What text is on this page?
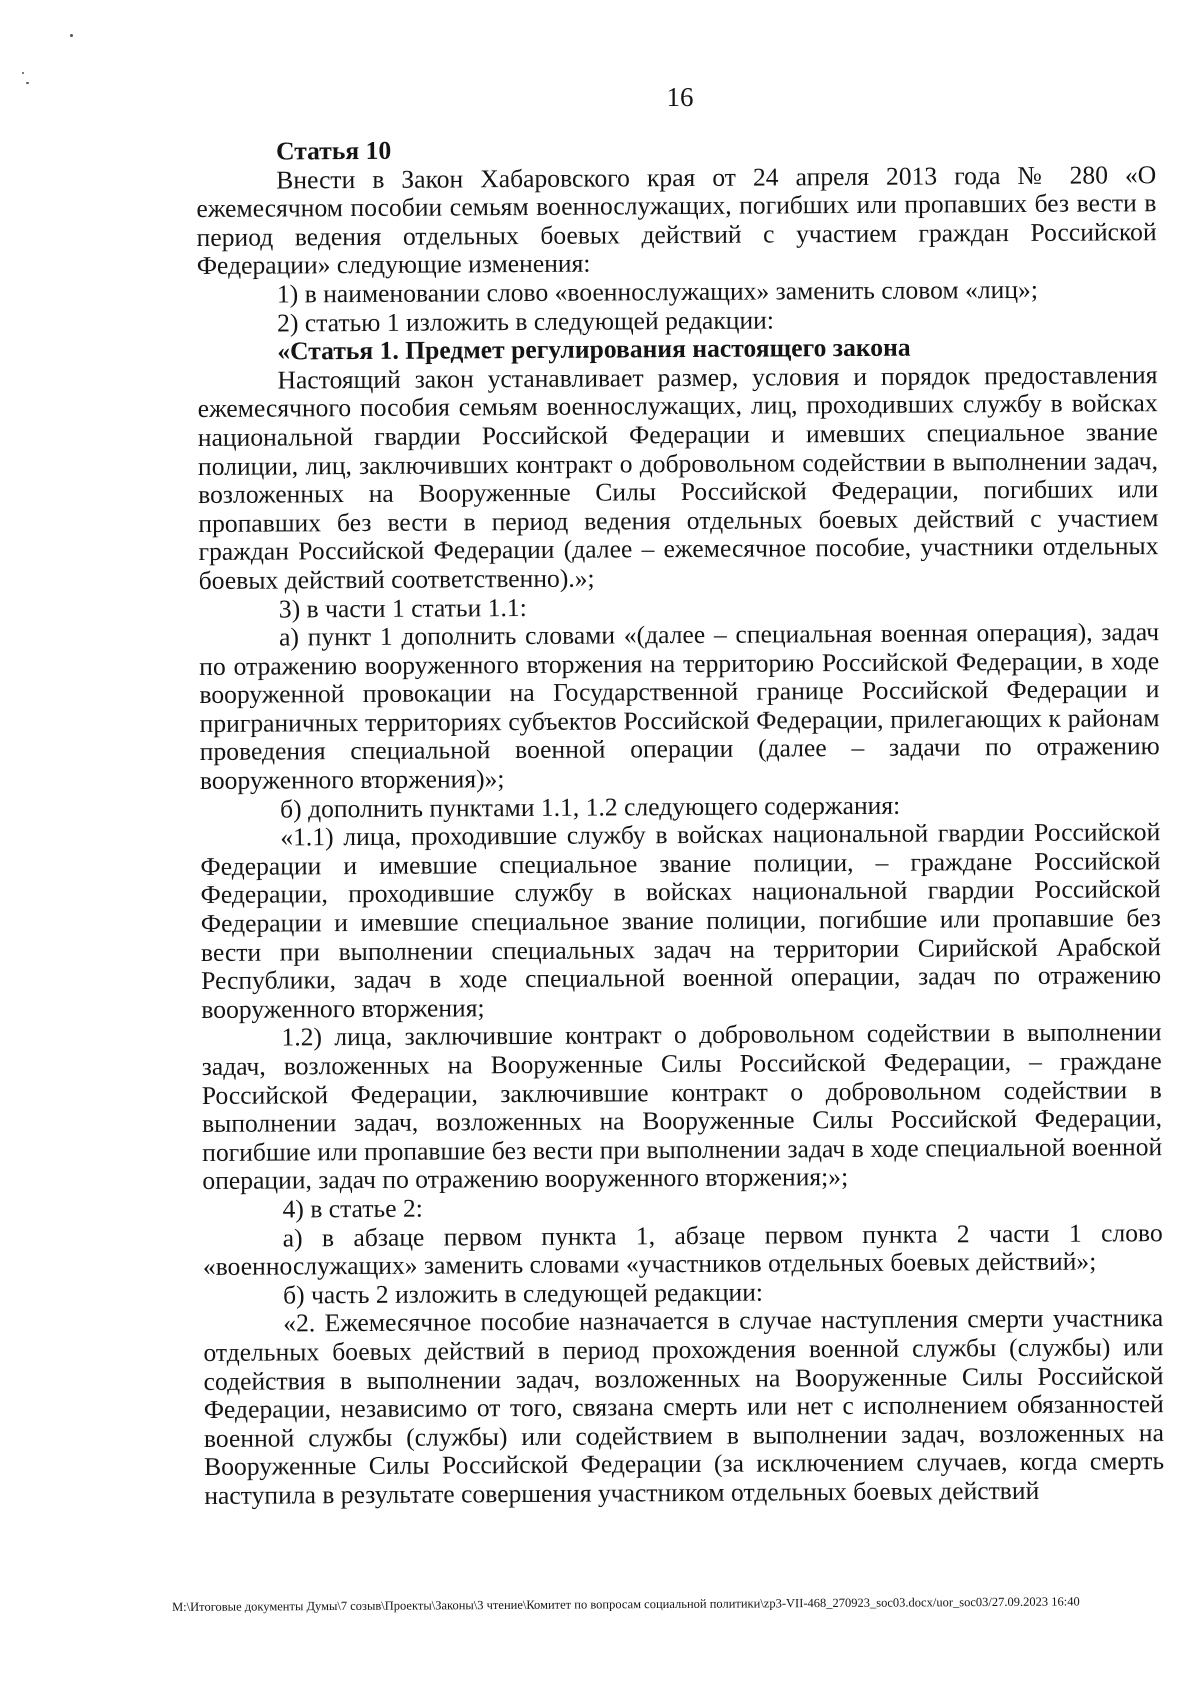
16

Статья 10

Внести в Закон Хабаровского края от 24 апреля 2013 года № 280 «О ежемесячном пособии семьям военнослужащих, погибших или пропавших без вести в период ведения отдельных боевых действий с участием граждан Российской Федерации» следующие изменения:

1) в наименовании слово «военнослужащих» заменить словом «лиц»;

2) статью 1 изложить в следующей редакции:

«Статья 1. Предмет регулирования настоящего закона

Настоящий закон устанавливает размер, условия и порядок предоставления ежемесячного пособия семьям военнослужащих, лиц, проходивших службу в войсках национальной гвардии Российской Федерации и имевших специальное звание полиции, лиц, заключивших контракт о добровольном содействии в выполнении задач, возложенных на Вооруженные Силы Российской Федерации, погибших или пропавших без вести в период ведения отдельных боевых действий с участием граждан Российской Федерации (далее – ежемесячное пособие, участники отдельных боевых действий соответственно).»;

3) в части 1 статьи 1.1:

а) пункт 1 дополнить словами «(далее – специальная военная операция), задач по отражению вооруженного вторжения на территорию Российской Федерации, в ходе вооруженной провокации на Государственной границе Российской Федерации и приграничных территориях субъектов Российской Федерации, прилегающих к районам проведения специальной военной операции (далее – задачи по отражению вооруженного вторжения)»;

б) дополнить пунктами 1.1, 1.2 следующего содержания:

«1.1) лица, проходившие службу в войсках национальной гвардии Российской Федерации и имевшие специальное звание полиции, – граждане Российской Федерации, проходившие службу в войсках национальной гвардии Российской Федерации и имевшие специальное звание полиции, погибшие или пропавшие без вести при выполнении специальных задач на территории Сирийской Арабской Республики, задач в ходе специальной военной операции, задач по отражению вооруженного вторжения;

1.2) лица, заключившие контракт о добровольном содействии в выполнении задач, возложенных на Вооруженные Силы Российской Федерации, – граждане Российской Федерации, заключившие контракт о добровольном содействии в выполнении задач, возложенных на Вооруженные Силы Российской Федерации, погибшие или пропавшие без вести при выполнении задач в ходе специальной военной операции, задач по отражению вооруженного вторжения;»;

4) в статье 2:

а) в абзаце первом пункта 1, абзаце первом пункта 2 части 1 слово «военнослужащих» заменить словами «участников отдельных боевых действий»;

б) часть 2 изложить в следующей редакции:

«2. Ежемесячное пособие назначается в случае наступления смерти участника отдельных боевых действий в период прохождения военной службы (службы) или содействия в выполнении задач, возложенных на Вооруженные Силы Российской Федерации, независимо от того, связана смерть или нет с исполнением обязанностей военной службы (службы) или содействием в выполнении задач, возложенных на Вооруженные Силы Российской Федерации (за исключением случаев, когда смерть наступила в результате совершения участником отдельных боевых действий

M:\Итоговые документы Думы\7 созыв\Проекты\Законы\3 чтение\Комитет по вопросам социальной политики\zp3-VII-468_270923_soc03.docx/uor_soc03/27.09.2023 16:40
